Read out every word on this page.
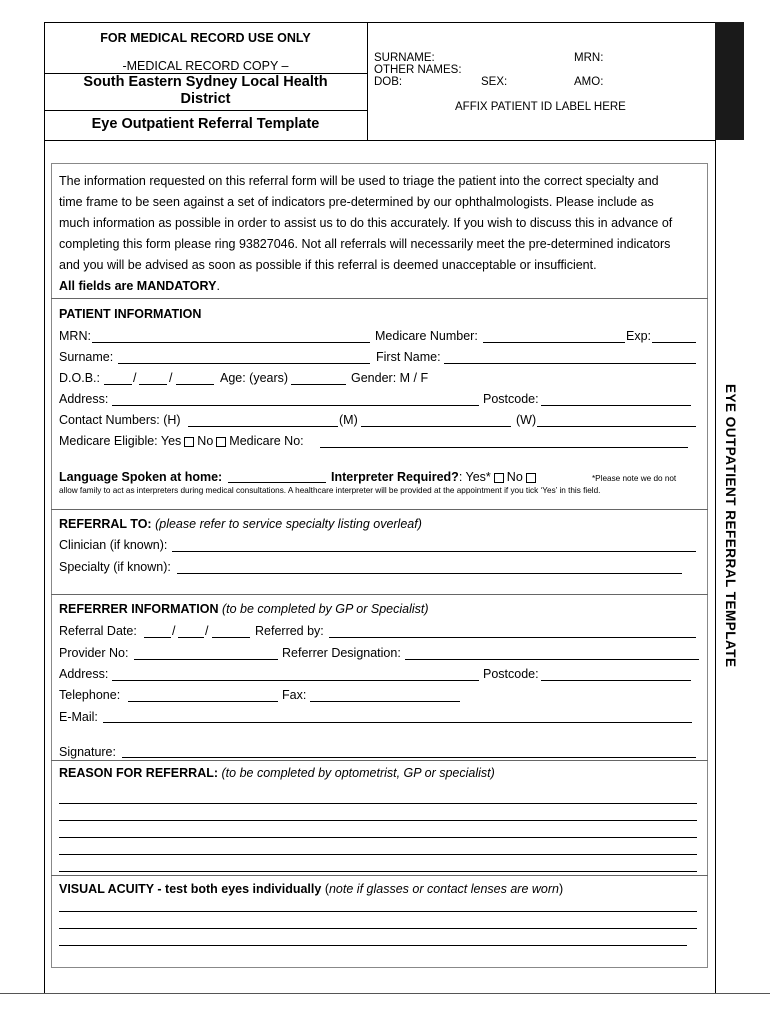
FOR MEDICAL RECORD USE ONLY
-MEDICAL RECORD COPY –
South Eastern Sydney Local Health
District
Eye Outpatient Referral Template
SURNAME:	MRN:
OTHER NAMES:
DOB:	SEX:	AMO:
AFFIX PATIENT ID LABEL HERE
EYE OUTPATIENT REFERRAL TEMPLATE
The information requested on this referral form will be used to triage the patient into the correct specialty and
time frame to be seen against a set of indicators pre-determined by our ophthalmologists. Please include as
much information as possible in order to assist us to do this accurately. If you wish to discuss this in advance of
completing this form please ring 93827046. Not all referrals will necessarily meet the pre-determined indicators
and you will be advised as soon as possible if this referral is deemed unacceptable or insufficient.
All fields are MANDATORY.
PATIENT INFORMATION
MRN:	Medicare Number:	Exp:
Surname:	First Name:
D.O.B.:	/	/	Age: (years)	Gender: M / F
Address:	Postcode:
Contact Numbers: (H)	(M)	(W)
Medicare Eligible: Yes No Medicare No:
Language Spoken at home:	Interpreter Required?: Yes* No	*Please note we do not
allow family to act as interpreters during medical consultations. A healthcare interpreter will be provided at the appointment if you tick ‘Yes’ in this field.
REFERRAL TO: (please refer to service specialty listing overleaf)
Clinician (if known):
Specialty (if known):
REFERRER INFORMATION (to be completed by GP or Specialist)
Referral Date:	/ /	Referred by:
Provider No:	Referrer Designation:
Address:	Postcode:
Telephone:	Fax:
E-Mail:
Signature:
REASON FOR REFERRAL: (to be completed by optometrist, GP or specialist)
VISUAL ACUITY - test both eyes individually (note if glasses or contact lenses are worn)
